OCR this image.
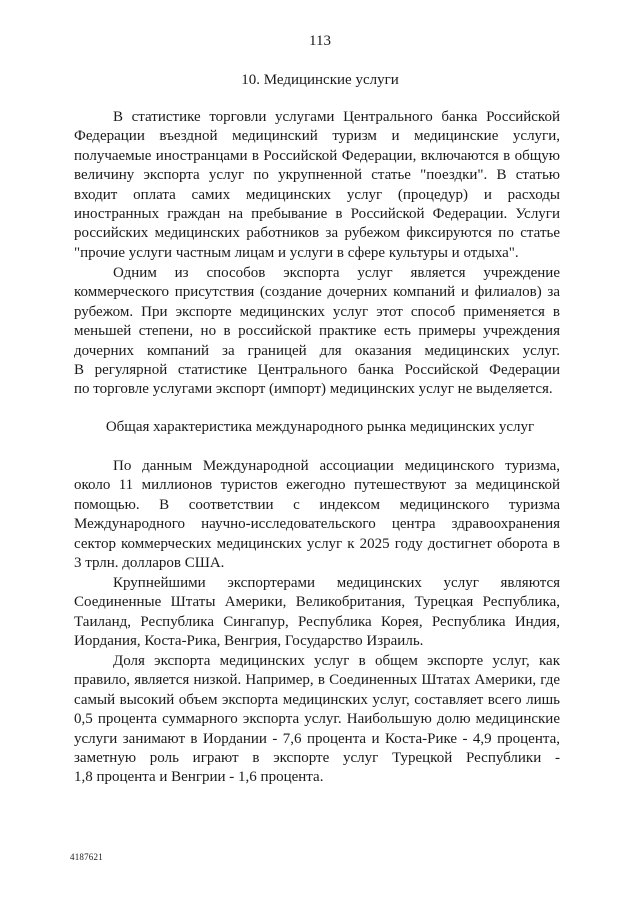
113
10. Медицинские услуги
В статистике торговли услугами Центрального банка Российской
Федерации въездной медицинский туризм и медицинские услуги,
получаемые иностранцами в Российской Федерации, включаются в общую
величину экспорта услуг по укрупненной статье "поездки". В статью
входит оплата самих медицинских услуг (процедур) и расходы
иностранных граждан на пребывание в Российской Федерации. Услуги
российских медицинских работников за рубежом фиксируются по статье
"прочие услуги частным лицам и услуги в сфере культуры и отдыха".
Одним из способов экспорта услуг является учреждение
коммерческого присутствия (создание дочерних компаний и филиалов) за
рубежом. При экспорте медицинских услуг этот способ применяется в
меньшей степени, но в российской практике есть примеры учреждения
дочерних компаний за границей для оказания медицинских услуг.
В регулярной статистике Центрального банка Российской Федерации
по торговле услугами экспорт (импорт) медицинских услуг не выделяется.
Общая характеристика международного рынка медицинских услуг
По данным Международной ассоциации медицинского туризма,
около 11 миллионов туристов ежегодно путешествуют за медицинской
помощью. В соответствии с индексом медицинского туризма
Международного научно-исследовательского центра здравоохранения
сектор коммерческих медицинских услуг к 2025 году достигнет оборота в
3 трлн. долларов США.
Крупнейшими экспортерами медицинских услуг являются
Соединенные Штаты Америки, Великобритания, Турецкая Республика,
Таиланд, Республика Сингапур, Республика Корея, Республика Индия,
Иордания, Коста-Рика, Венгрия, Государство Израиль.
Доля экспорта медицинских услуг в общем экспорте услуг, как
правило, является низкой. Например, в Соединенных Штатах Америки, где
самый высокий объем экспорта медицинских услуг, составляет всего лишь
0,5 процента суммарного экспорта услуг. Наибольшую долю медицинские
услуги занимают в Иордании - 7,6 процента и Коста-Рике - 4,9 процента,
заметную роль играют в экспорте услуг Турецкой Республики -
1,8 процента и Венгрии - 1,6 процента.
4187621
